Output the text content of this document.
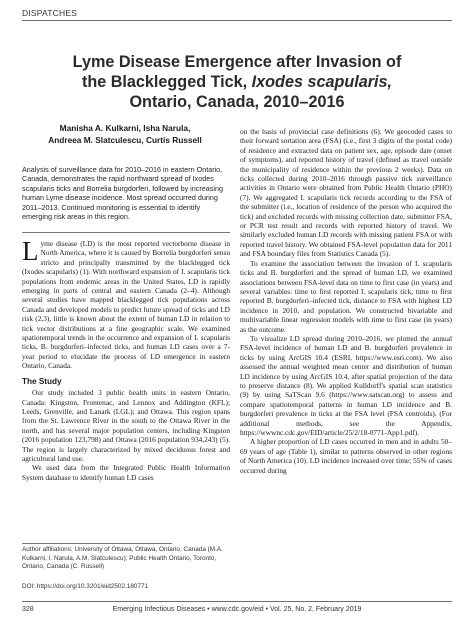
DISPATCHES
Lyme Disease Emergence after Invasion of
the Blacklegged Tick, Ixodes scapularis,
Ontario, Canada, 2010–2016
Manisha A. Kulkarni, Isha Narula,
Andreea M. Slatculescu, Curtis Russell
Analysis of surveillance data for 2010–2016 in eastern Ontario, Canada, demonstrates the rapid northward spread of Ixodes scapularis ticks and Borrelia burgdorferi, followed by increasing human Lyme disease incidence. Most spread occurred during 2011–2013. Continued monitoring is essential to identify emerging risk areas in this region.
L yme disease (LD) is the most reported vectorborne disease in North America, where it is caused by Borrelia burgdorferi sensu stricto and principally transmitted by the blacklegged tick (Ixodes scapularis) (1). With northward expansion of I. scapularis tick populations from endemic areas in the United States, LD is rapidly emerging in parts of central and eastern Canada (2–4). Although several studies have mapped blacklegged tick populations across Canada and developed models to predict future spread of ticks and LD risk (2,3), little is known about the extent of human LD in relation to tick vector distributions at a fine geographic scale. We examined spatiotemporal trends in the occurrence and expansion of I. scapularis ticks, B. burgdorferi–infected ticks, and human LD cases over a 7-year period to elucidate the process of LD emergence in eastern Ontario, Canada.
The Study
Our study included 3 public health units in eastern Ontario, Canada: Kingston, Frontenac, and Lennox and Addington (KFL); Leeds, Grenville, and Lanark (LGL); and Ottawa. This region spans from the St. Lawrence River in the south to the Ottawa River in the north, and has several major population centers, including Kingston (2016 population 123,798) and Ottawa (2016 population 934,243) (5). The region is largely characterized by mixed deciduous forest and agricultural land use.
We used data from the Integrated Public Health Information System database to identify human LD cases
Author affiliations: University of Ottawa, Ottawa, Ontario, Canada (M.A. Kulkarni, I. Narula, A.M. Slatculescu); Public Health Ontario, Toronto, Ontario, Canada (C. Russell)
DOI: https://doi.org/10.3201/eid2502.180771
on the basis of provincial case definitions (6). We geocoded cases to their forward sortation area (FSA) (i.e., first 3 digits of the postal code) of residence and extracted data on patient sex, age, episode date (onset of symptoms), and reported history of travel (defined as travel outside the municipality of residence within the previous 2 weeks). Data on ticks collected during 2010–2016 through passive tick surveillance activities in Ontario were obtained from Public Health Ontario (PHO) (7). We aggregated I. scapularis tick records according to the FSA of the submitter (i.e., location of residence of the person who acquired the tick) and excluded records with missing collection date, submitter FSA, or PCR test result and records with reported history of travel. We similarly excluded human LD records with missing patient FSA or with reported travel history. We obtained FSA-level population data for 2011 and FSA boundary files from Statistics Canada (5).
To examine the association between the invasion of I. scapularis ticks and B. burgdorferi and the spread of human LD, we examined associations between FSA-level data on time to first case (in years) and several variables: time to first reported I. scapularis tick, time to first reported B. burgdorferi–infected tick, distance to FSA with highest LD incidence in 2010, and population. We constructed bivariable and multivariable linear regression models with time to first case (in years) as the outcome.
To visualize LD spread during 2010–2016, we plotted the annual FSA-level incidence of human LD and B. burgdorferi prevalence in ticks by using ArcGIS 10.4 (ESRI, https://www.esri.com). We also assessed the annual weighted mean center and distribution of human LD incidence by using ArcGIS 10.4, after spatial projection of the data to preserve distance (8). We applied Kulldorff's spatial scan statistics (9) by using SaTScan 9.6 (https://www.satscan.org) to assess and compare spatiotemporal patterns in human LD incidence and B. burgdorferi prevalence in ticks at the FSA level (FSA centroids). (For additional methods, see the Appendix, https://wwwnc.cdc.gov/EID/article/25/2/18-0771-App1.pdf).
A higher proportion of LD cases occurred in men and in adults 50–69 years of age (Table 1), similar to patterns observed in other regions of North America (10). LD incidence increased over time; 55% of cases occurred during
328	Emerging Infectious Diseases • www.cdc.gov/eid • Vol. 25, No. 2, February 2019
